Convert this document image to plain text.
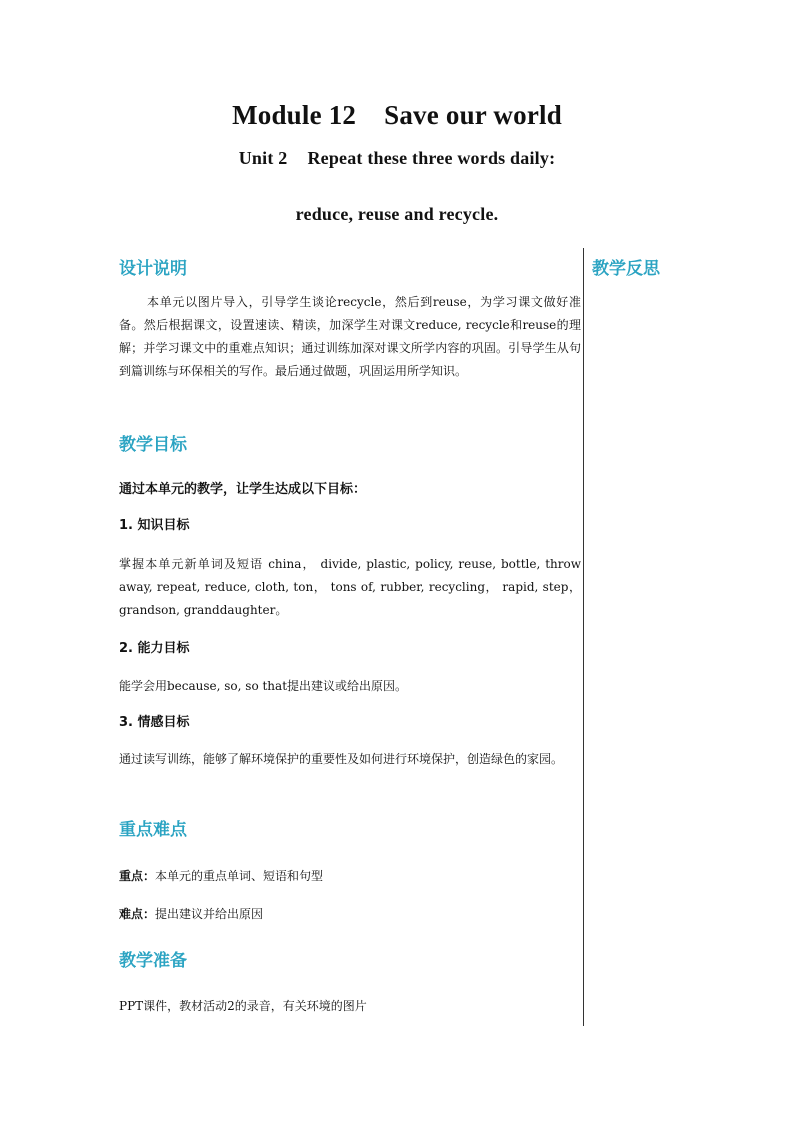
Module 12 Save our world
Unit 2 Repeat these three words daily:
reduce, reuse and recycle.

教学反思

设计说明

本单元以图片导入，引导学生谈论recycle，然后到reuse，为学习课文做好准备。然后根据课文，设置速读、精读，加深学生对课文reduce, recycle和reuse的理解；并学习课文中的重难点知识；通过训练加深对课文所学内容的巩固。引导学生从句到篇训练与环保相关的写作。最后通过做题，巩固运用所学知识。

教学目标

通过本单元的教学，让学生达成以下目标：

1. 知识目标

掌握本单元新单词及短语 china， divide, plastic, policy, reuse, bottle, throw away, repeat, reduce, cloth, ton， tons of, rubber, recycling， rapid, step，grandson, granddaughter。

2. 能力目标

能学会用because, so, so that提出建议或给出原因。

3. 情感目标

通过读写训练，能够了解环境保护的重要性及如何进行环境保护，创造绿色的家园。

重点难点

重点：本单元的重点单词、短语和句型

难点：提出建议并给出原因

教学准备

PPT课件，教材活动2的录音，有关环境的图片
